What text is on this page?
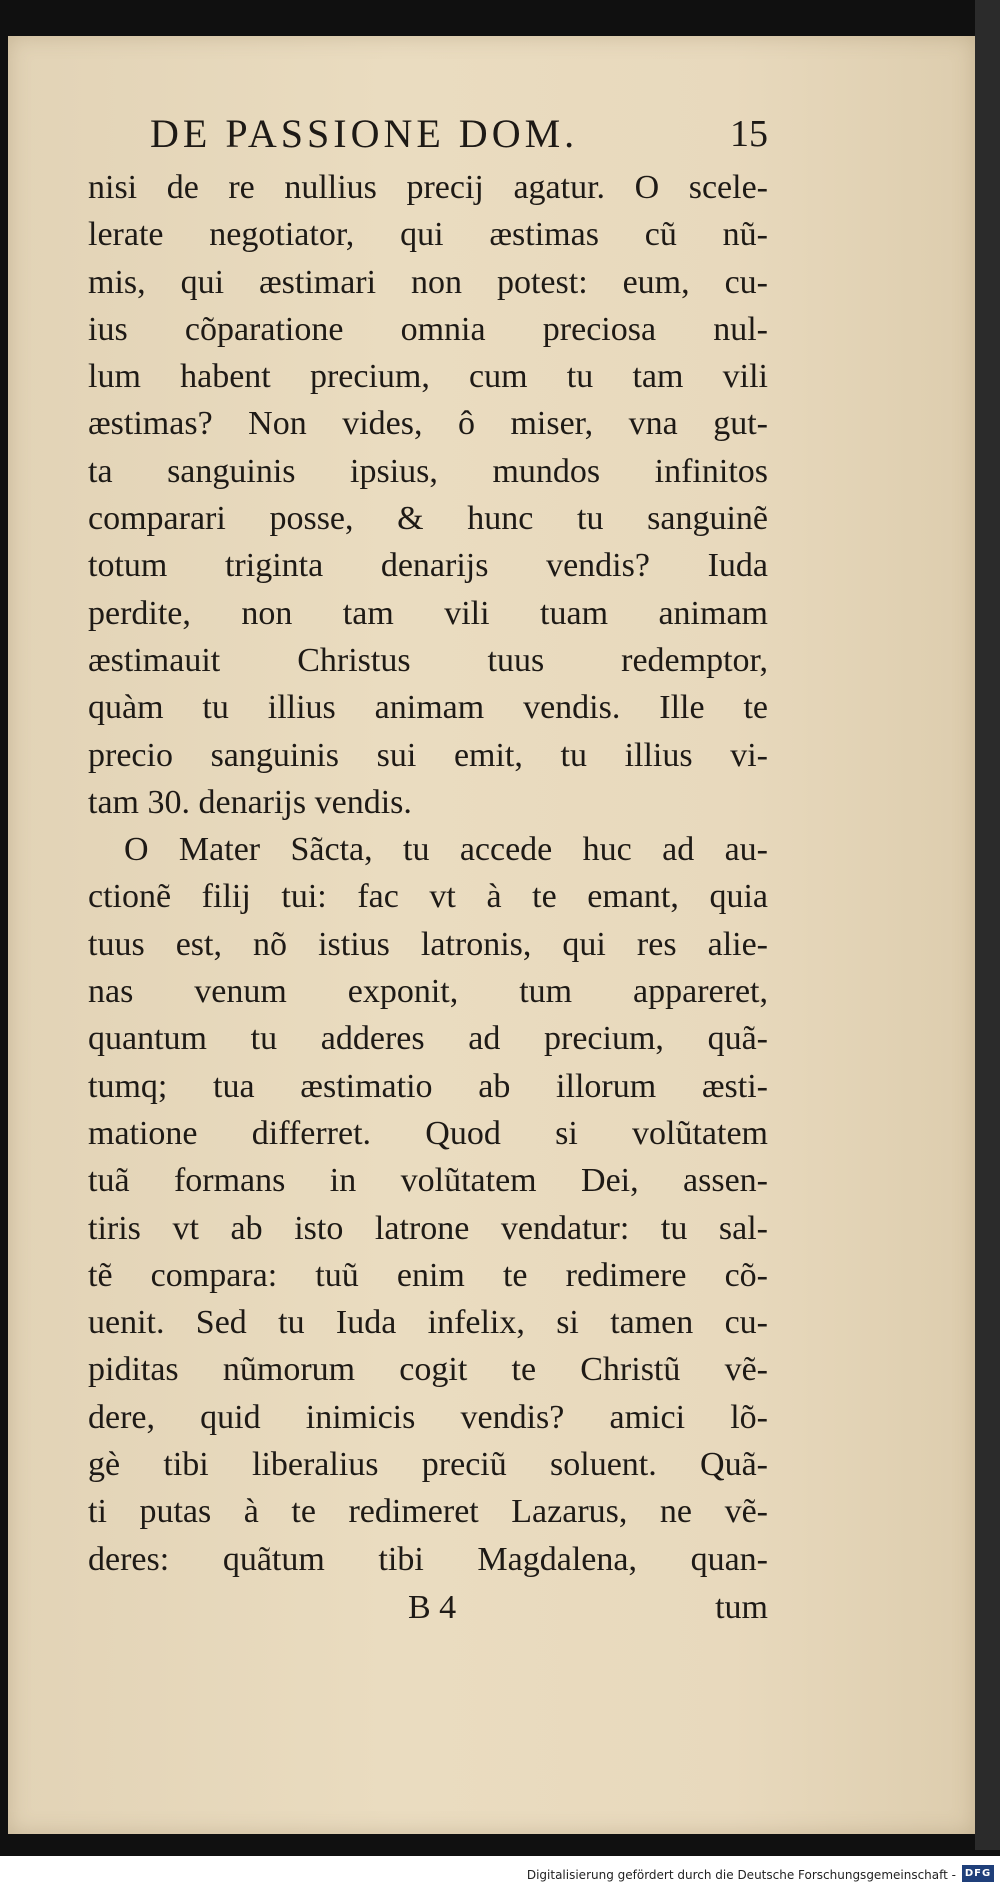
DE PASSIONE DOM.	15
nisi de re nullius precij agatur. O scele-
lerate negotiator, qui æstimas cũ nũ-
mis, qui æstimari non potest: eum, cu-
ius cõparatione omnia preciosa nul-
lum habent precium, cum tu tam vili
æstimas? Non vides, ô miser, vna gut-
ta sanguinis ipsius, mundos infinitos
comparari posse, & hunc tu sanguinẽ
totum triginta denarijs vendis? Iuda
perdite, non tam vili tuam animam
æstimauit Christus tuus redemptor,
quàm tu illius animam vendis. Ille te
precio sanguinis sui emit, tu illius vi-
tam 30. denarijs vendis.
O Mater Sãcta, tu accede huc ad au-
ctionẽ filij tui: fac vt à te emant, quia
tuus est, nõ istius latronis, qui res alie-
nas venum exponit, tum appareret,
quantum tu adderes ad precium, quã-
tumq; tua æstimatio ab illorum æsti-
matione differret. Quod si volũtatem
tuã formans in volũtatem Dei, assen-
tiris vt ab isto latrone vendatur: tu sal-
tẽ compara: tuũ enim te redimere cõ-
uenit. Sed tu Iuda infelix, si tamen cu-
piditas nũmorum cogit te Christũ vẽ-
dere, quid inimicis vendis? amici lõ-
gè tibi liberalius preciũ soluent. Quã-
ti putas à te redimeret Lazarus, ne vẽ-
deres: quãtum tibi Magdalena, quan-
B 4	tum
Digitalisierung gefördert durch die Deutsche Forschungsgemeinschaft - DFG
